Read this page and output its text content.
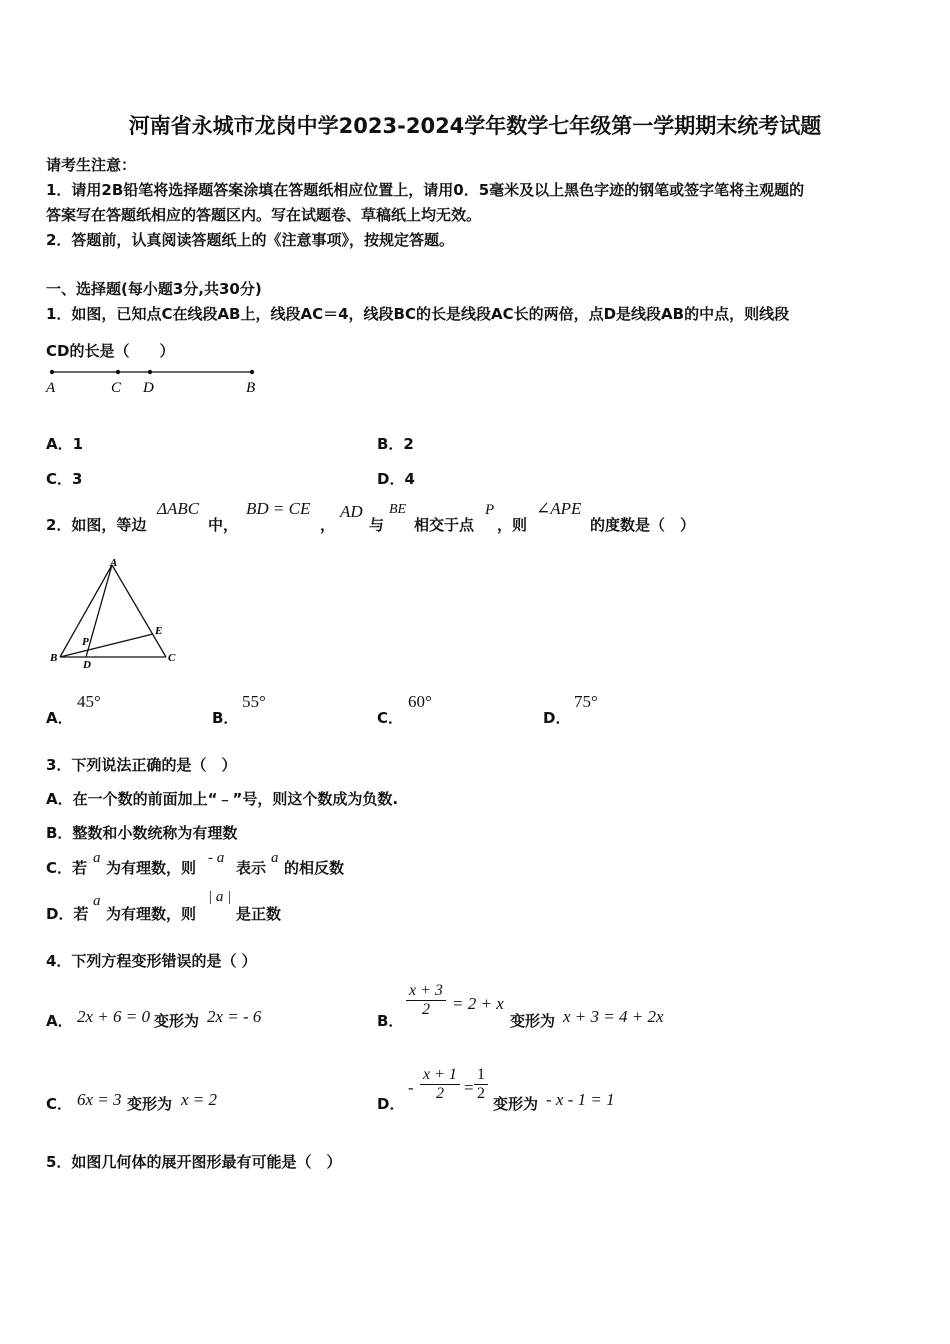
河南省永城市龙岗中学2023-2024学年数学七年级第一学期期末统考试题
请考生注意：
1．请用2B铅笔将选择题答案涂填在答题纸相应位置上，请用0．5毫米及以上黑色字迹的钢笔或签字笔将主观题的
答案写在答题纸相应的答题区内。写在试题卷、草稿纸上均无效。
2．答题前，认真阅读答题纸上的《注意事项》，按规定答题。
一、选择题(每小题3分,共30分)
1．如图，已知点C在线段AB上，线段AC＝4，线段BC的长是线段AC长的两倍，点D是线段AB的中点，则线段
CD的长是（　　）
A	C D	B
A．1	B．2
C．3	D．4
2．如图，等边
ΔABC
中，
BD = CE
，
AD
与
BE
相交于点
P
，则
∠APE
的度数是（　）
A
B	C
D
E
P
A．
45°
B．
55°
C．
60°
D．
75°
3．下列说法正确的是（　）
A．在一个数的前面加上“﹣”号，则这个数成为负数.
B．整数和小数统称为有理数
C．若
a
为有理数，则
- a
表示
a
的相反数
D．若
a
为有理数，则
| a |
是正数
4．下列方程变形错误的是（ ）
A． 2x + 6 = 0 变形为 2x = - 6	B．
$\frac{x + 3}{2} = 2 + x$
变形为 x + 3 = 4 + 2x
C． 6x = 3 变形为 x = 2	D．
- $\frac{x + 1}{2} = \frac{1}{2}$
变形为 - x - 1 = 1
5．如图几何体的展开图形最有可能是（　）
